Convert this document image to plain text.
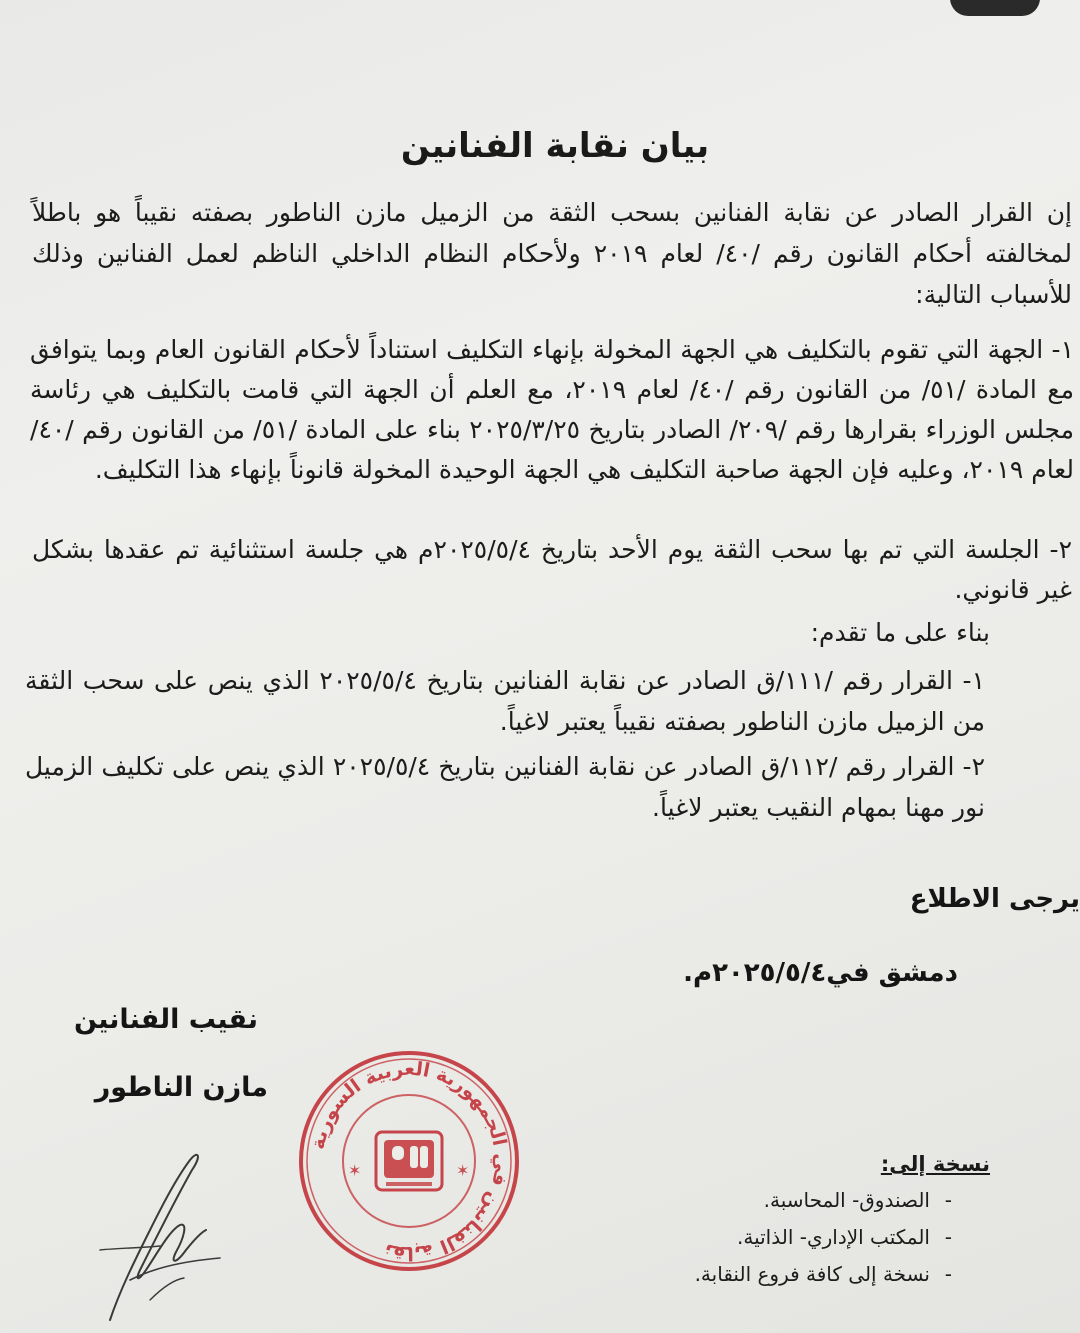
بيان نقابة الفنانين
إن القرار الصادر عن نقابة الفنانين بسحب الثقة من الزميل مازن الناطور بصفته نقيباً هو باطلاً لمخالفته أحكام القانون رقم /٤٠/ لعام ٢٠١٩ ولأحكام النظام الداخلي الناظم لعمل الفنانين وذلك للأسباب التالية:
١- الجهة التي تقوم بالتكليف هي الجهة المخولة بإنهاء التكليف استناداً لأحكام القانون العام وبما يتوافق مع المادة /٥١/ من القانون رقم /٤٠/ لعام ٢٠١٩، مع العلم أن الجهة التي قامت بالتكليف هي رئاسة مجلس الوزراء بقرارها رقم /٢٠٩/ الصادر بتاريخ ٢٠٢٥/٣/٢٥ بناء على المادة /٥١/ من القانون رقم /٤٠/ لعام ٢٠١٩، وعليه فإن الجهة صاحبة التكليف هي الجهة الوحيدة المخولة قانوناً بإنهاء هذا التكليف.
٢- الجلسة التي تم بها سحب الثقة يوم الأحد بتاريخ ٢٠٢٥/٥/٤م هي جلسة استثنائية تم عقدها بشكل غير قانوني.
بناء على ما تقدم:
١- القرار رقم /١١١/ق الصادر عن نقابة الفنانين بتاريخ ٢٠٢٥/٥/٤ الذي ينص على سحب الثقة من الزميل مازن الناطور بصفته نقيباً يعتبر لاغياً.
٢- القرار رقم /١١٢/ق الصادر عن نقابة الفنانين بتاريخ ٢٠٢٥/٥/٤ الذي ينص على تكليف الزميل نور مهنا بمهام النقيب يعتبر لاغياً.
يرجى الاطلاع
دمشق في٢٠٢٥/٥/٤م.
نقيب الفنانين
مازن الناطور
نقابة الفنانين في الجمهورية العربية السورية
✶	✶	نسخة إلى:
-الصندوق- المحاسبة.
-المكتب الإداري- الذاتية.
-نسخة إلى كافة فروع النقابة.
